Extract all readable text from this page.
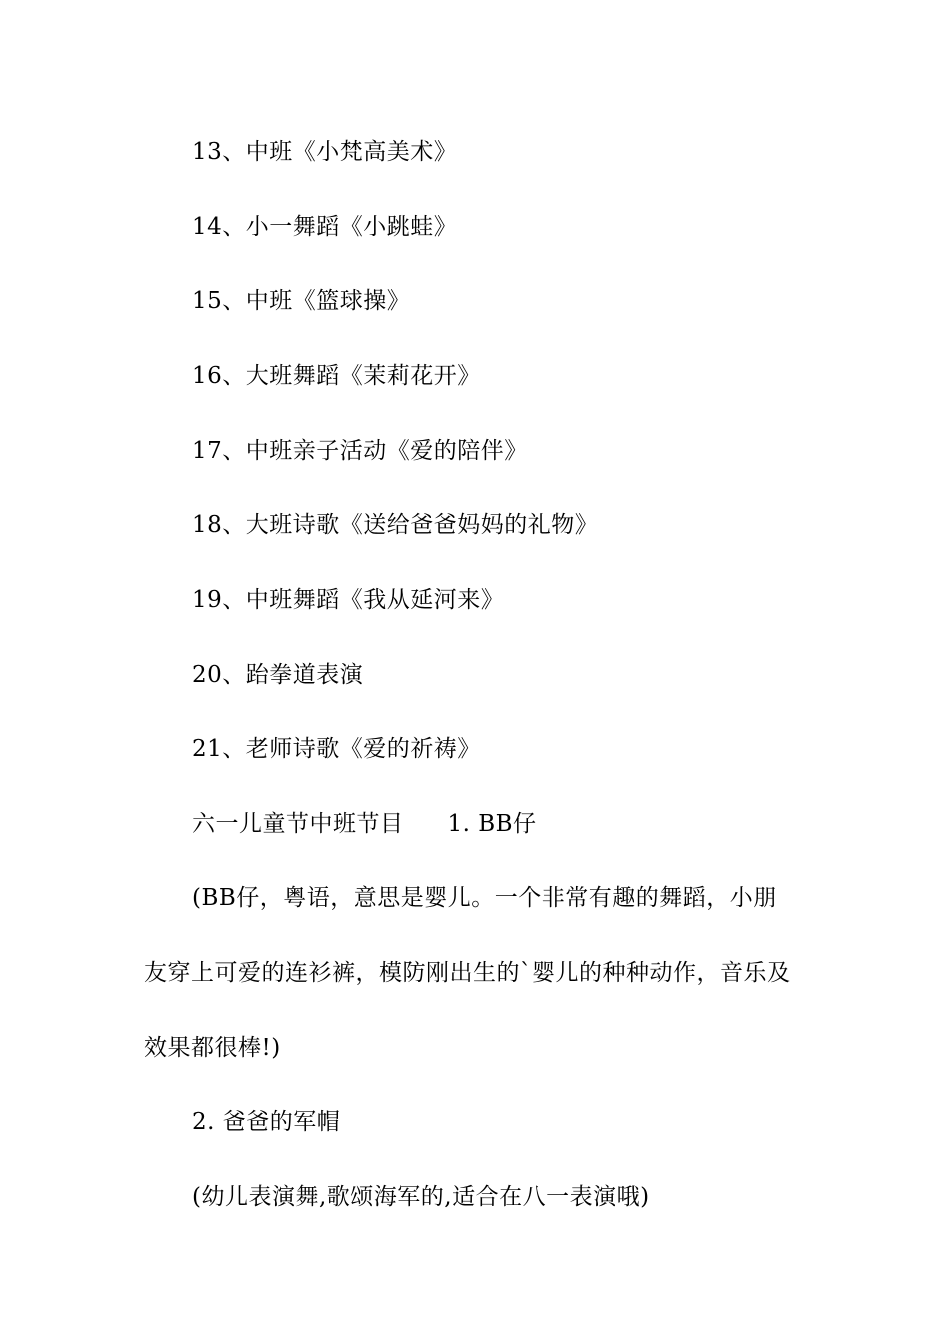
13、中班《小梵高美术》
14、小一舞蹈《小跳蛙》
15、中班《篮球操》
16、大班舞蹈《茉莉花开》
17、中班亲子活动《爱的陪伴》
18、大班诗歌《送给爸爸妈妈的礼物》
19、中班舞蹈《我从延河来》
20、跆拳道表演
21、老师诗歌《爱的祈祷》
六一儿童节中班节目 1. BB仔
(BB仔，粤语，意思是婴儿。一个非常有趣的舞蹈，小朋
友穿上可爱的连衫裤，模防刚出生的`婴儿的种种动作，音乐及
效果都很棒!)
2. 爸爸的军帽
(幼儿表演舞,歌颂海军的,适合在八一表演哦)
